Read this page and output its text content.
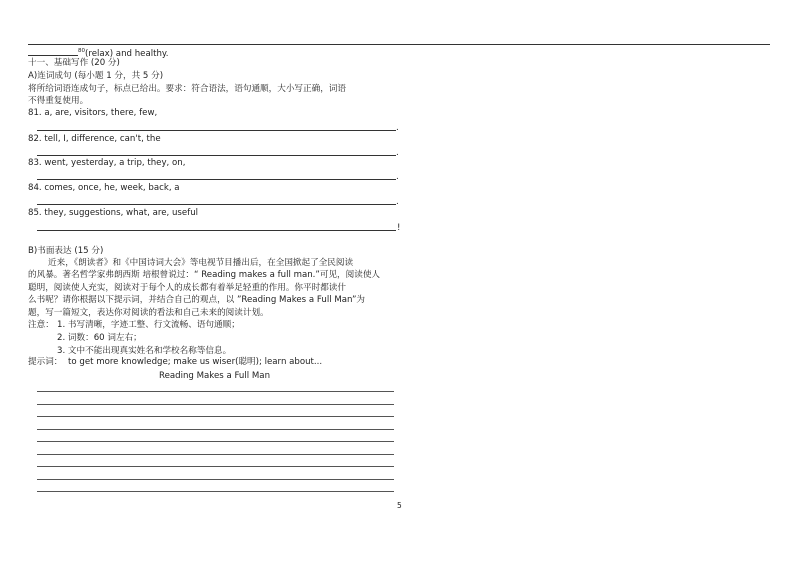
$^{80}$(relax) and healthy.
十一、基础写作 (20 分)
A)连词成句 (每小题 1 分，共 5 分)
将所给词语连成句子，标点已给出。要求：符合语法，语句通顺，大小写正确，词语
不得重复使用。
81. a, are, visitors, there, few,
.
82. tell, I, difference, can't, the
.
83. went, yesterday, a trip, they, on,
.
84. comes, once, he, week, back, a
.
85. they, suggestions, what, are, useful
!
B)书面表达 (15 分)
近来，《朗读者》和《中国诗词大会》等电视节目播出后，在全国掀起了全民阅读
的风暴。著名哲学家弗朗西斯 培根曾说过：“ Reading makes a full man.”可见，阅读使人
聪明，阅读使人充实，阅读对于每个人的成长都有着举足轻重的作用。你平时都读什
么书呢？请你根据以下提示词，并结合自己的观点，以 ”Reading Makes a Full Man”为
题，写一篇短文，表达你对阅读的看法和自己未来的阅读计划。
注意： 1. 书写清晰，字迹工整、行文流畅、语句通顺；
2. 词数：60 词左右；
3. 文中不能出现真实姓名和学校名称等信息。
提示词： to get more knowledge; make us wiser(聪明); learn about...
Reading Makes a Full Man
5
